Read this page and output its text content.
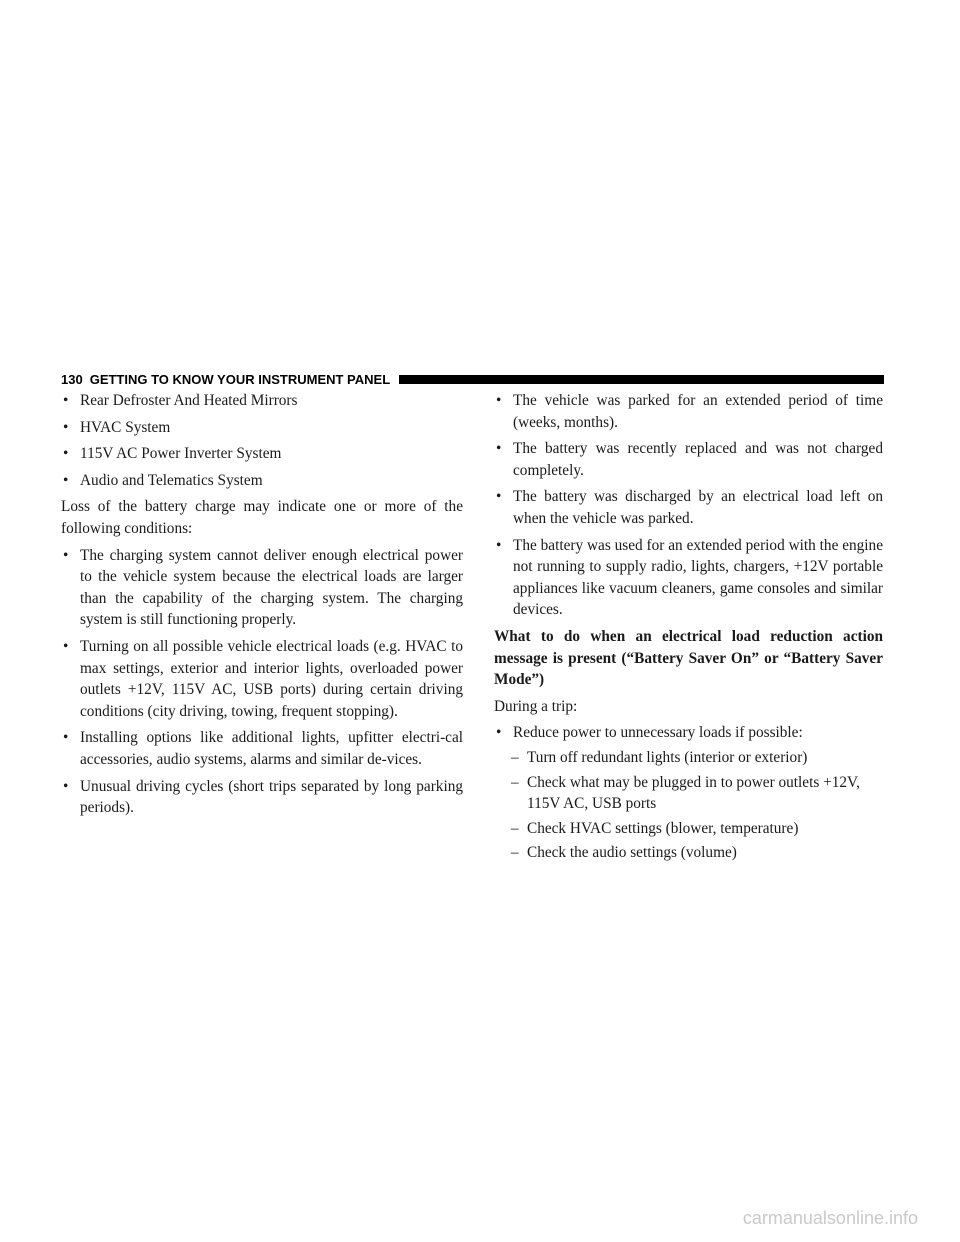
130 GETTING TO KNOW YOUR INSTRUMENT PANEL
• Rear Defroster And Heated Mirrors
• HVAC System
• 115V AC Power Inverter System
• Audio and Telematics System

Loss of the battery charge may indicate one or more of the following conditions:

• The charging system cannot deliver enough electrical power to the vehicle system because the electrical loads are larger than the capability of the charging system. The charging system is still functioning properly.
• Turning on all possible vehicle electrical loads (e.g. HVAC to max settings, exterior and interior lights, overloaded power outlets +12V, 115V AC, USB ports) during certain driving conditions (city driving, towing, frequent stopping).
• Installing options like additional lights, upfitter electri-cal accessories, audio systems, alarms and similar de-vices.
• Unusual driving cycles (short trips separated by long parking periods).
• The vehicle was parked for an extended period of time (weeks, months).
• The battery was recently replaced and was not charged completely.
• The battery was discharged by an electrical load left on when the vehicle was parked.
• The battery was used for an extended period with the engine not running to supply radio, lights, chargers, +12V portable appliances like vacuum cleaners, game consoles and similar devices.

What to do when an electrical load reduction action message is present (“Battery Saver On” or “Battery Saver Mode”)

During a trip:

• Reduce power to unnecessary loads if possible:
– Turn off redundant lights (interior or exterior)
– Check what may be plugged in to power outlets +12V, 115V AC, USB ports
– Check HVAC settings (blower, temperature)
– Check the audio settings (volume)
carmanualsonline.info
